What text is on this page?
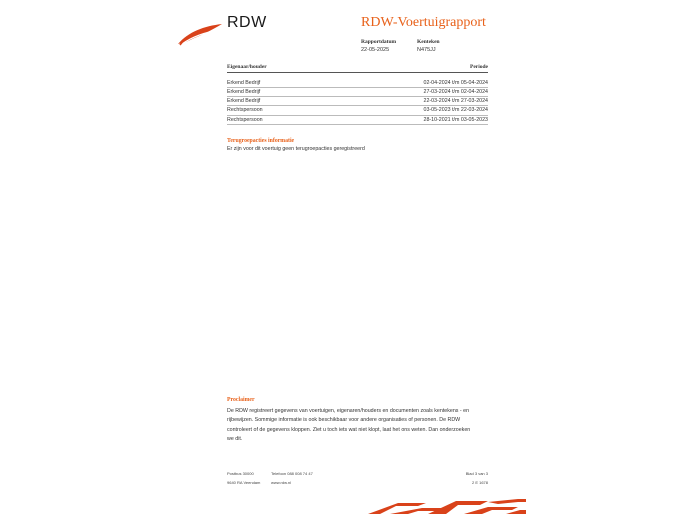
RDW	RDW-Voertuigrapport
Rapportdatum
22-05-2025
Kenteken
N475JJ
Eigenaar/houder	Periode
Erkend Bedrijf	02-04-2024 t/m 05-04-2024
Erkend Bedrijf	27-03-2024 t/m 02-04-2024
Erkend Bedrijf	22-03-2024 t/m 27-03-2024
Rechtspersoon	03-05-2023 t/m 22-03-2024
Rechtspersoon	28-10-2021 t/m 03-05-2023
Terugroepacties informatie
Er zijn voor dit voertuig geen terugroepacties geregistreerd
Proclaimer
De RDW registreert gegevens van voertuigen, eigenaren/houders en documenten zoals kentekens - en
rijbewijzen. Sommige informatie is ook beschikbaar voor andere organisaties of personen. De RDW
controleert of de gegevens kloppen. Ziet u toch iets wat niet klopt, laat het ons weten. Dan onderzoeken
we dit.
Postbus 30000
9640 RA Veendam
Telefoon 088 008 74 47
www.rdw.nl
Blad 3 van 3
2 E 1678
